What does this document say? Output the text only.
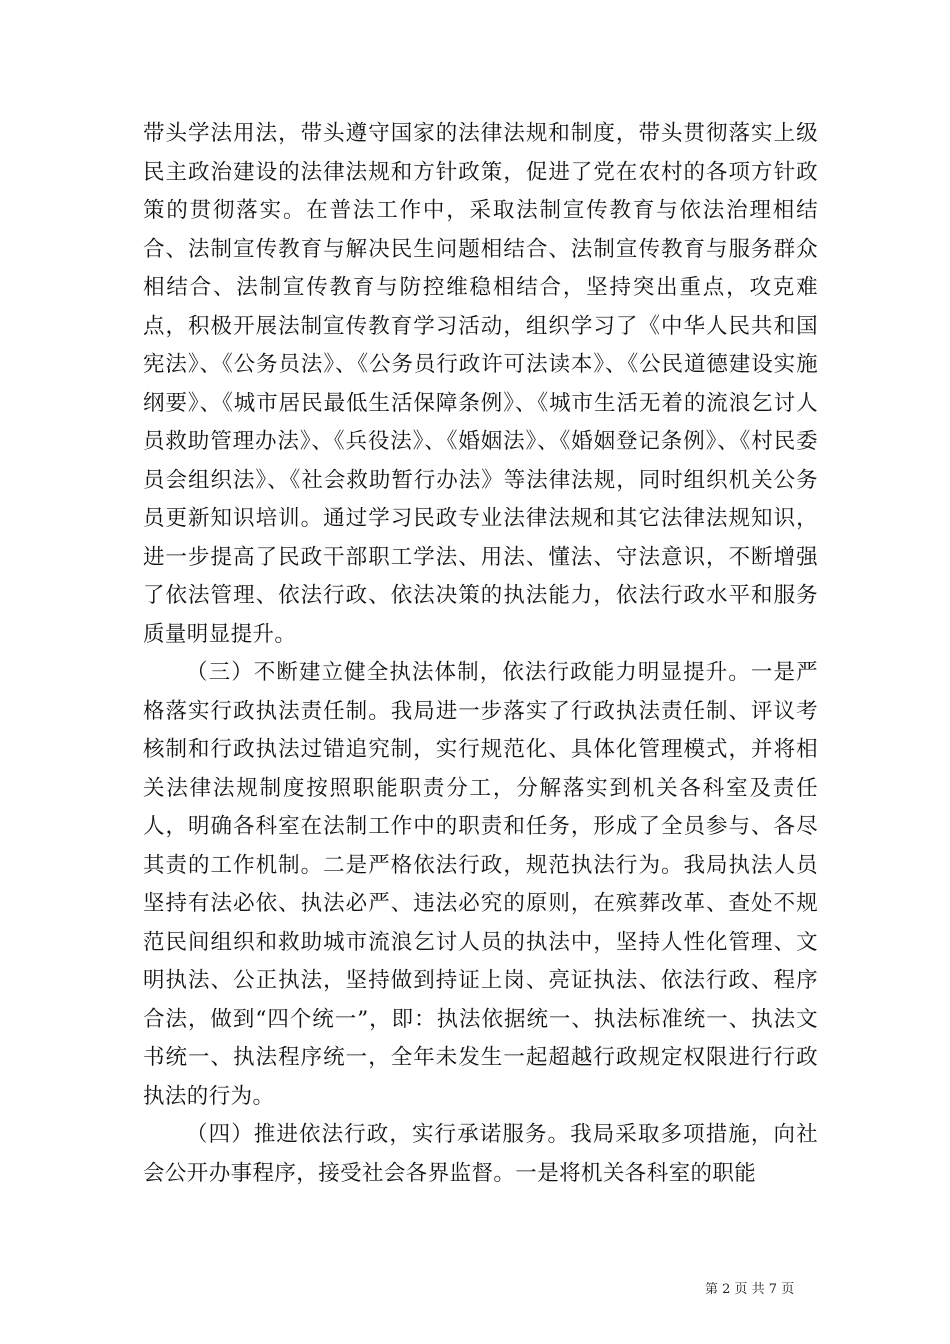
带头学法用法，带头遵守国家的法律法规和制度，带头贯彻落实上级民主政治建设的法律法规和方针政策，促进了党在农村的各项方针政策的贯彻落实。在普法工作中，采取法制宣传教育与依法治理相结合、法制宣传教育与解决民生问题相结合、法制宣传教育与服务群众相结合、法制宣传教育与防控维稳相结合，坚持突出重点，攻克难点，积极开展法制宣传教育学习活动，组织学习了《中华人民共和国宪法》、《公务员法》、《公务员行政许可法读本》、《公民道德建设实施纲要》、《城市居民最低生活保障条例》、《城市生活无着的流浪乞讨人员救助管理办法》、《兵役法》、《婚姻法》、《婚姻登记条例》、《村民委员会组织法》、《社会救助暂行办法》等法律法规，同时组织机关公务员更新知识培训。通过学习民政专业法律法规和其它法律法规知识，进一步提高了民政干部职工学法、用法、懂法、守法意识，不断增强了依法管理、依法行政、依法决策的执法能力，依法行政水平和服务质量明显提升。

（三）不断建立健全执法体制，依法行政能力明显提升。一是严格落实行政执法责任制。我局进一步落实了行政执法责任制、评议考核制和行政执法过错追究制，实行规范化、具体化管理模式，并将相关法律法规制度按照职能职责分工，分解落实到机关各科室及责任人，明确各科室在法制工作中的职责和任务，形成了全员参与、各尽其责的工作机制。二是严格依法行政，规范执法行为。我局执法人员坚持有法必依、执法必严、违法必究的原则，在殡葬改革、查处不规范民间组织和救助城市流浪乞讨人员的执法中，坚持人性化管理、文明执法、公正执法，坚持做到持证上岗、亮证执法、依法行政、程序合法，做到“四个统一”，即：执法依据统一、执法标准统一、执法文书统一、执法程序统一，全年未发生一起超越行政规定权限进行行政执法的行为。

（四）推进依法行政，实行承诺服务。我局采取多项措施，向社会公开办事程序，接受社会各界监督。一是将机关各科室的职能

第 2 页 共 7 页
